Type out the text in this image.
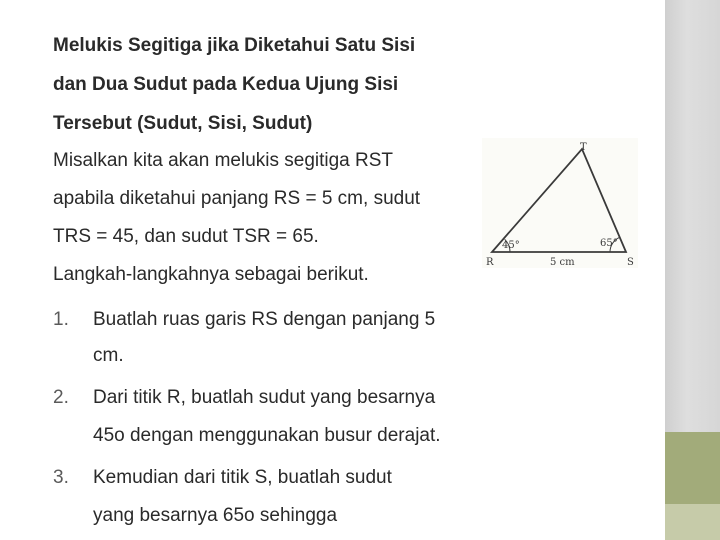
Melukis Segitiga jika Diketahui Satu Sisi
dan Dua Sudut pada Kedua Ujung Sisi
Tersebut (Sudut, Sisi, Sudut)
Misalkan kita akan melukis segitiga RST
apabila diketahui panjang RS = 5 cm, sudut
TRS = 45, dan sudut TSR = 65.
Langkah-langkahnya sebagai berikut.
1. Buatlah ruas garis RS dengan panjang 5
cm.
2. Dari titik R, buatlah sudut yang besarnya
45o dengan menggunakan busur derajat.
3. Kemudian dari titik S, buatlah sudut
yang besarnya 65o sehingga
T
R	S
5 cm
45°	65°
